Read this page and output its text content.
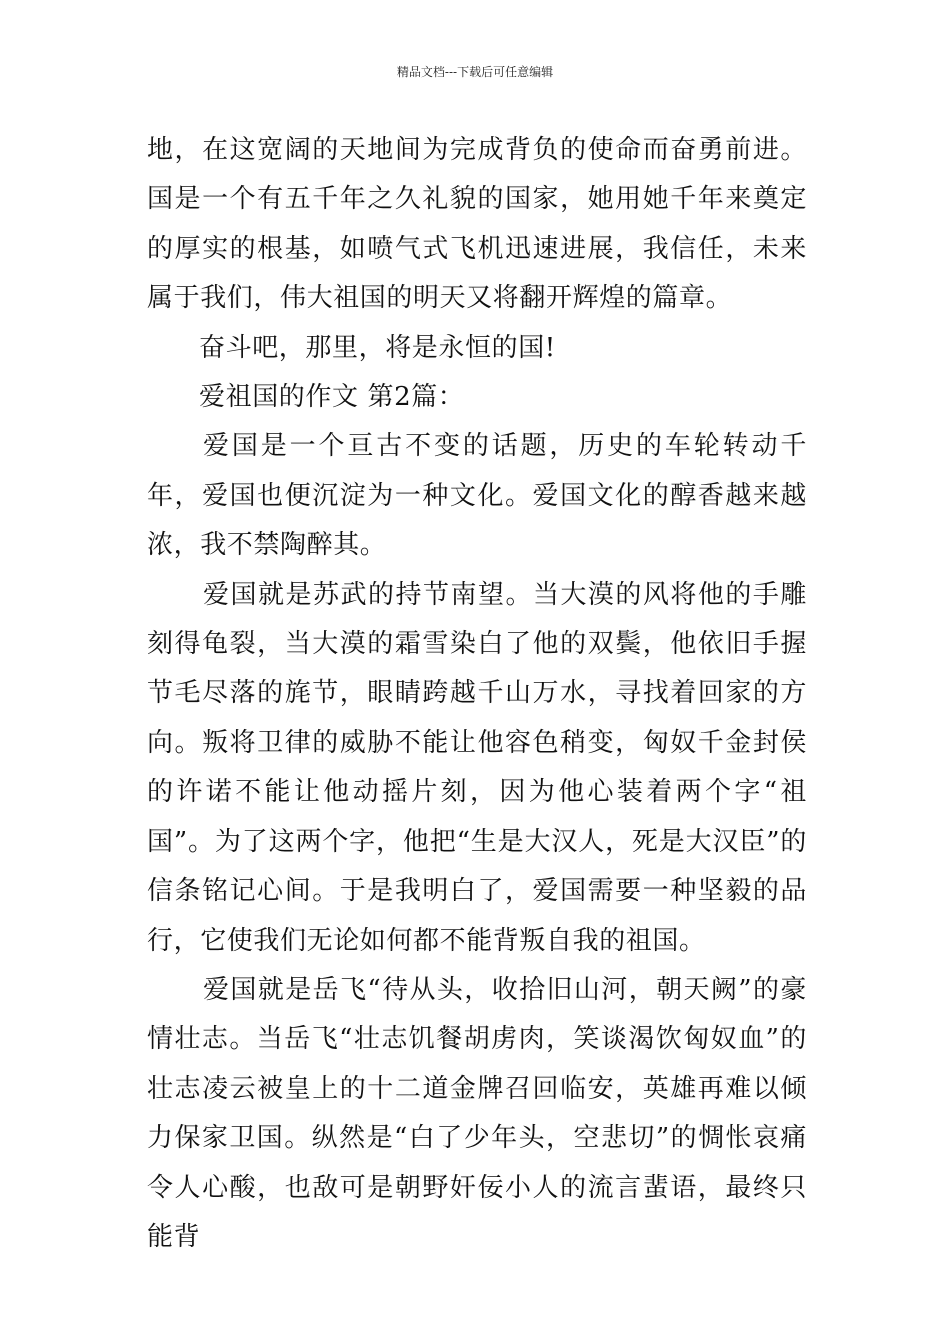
精品文档---下载后可任意编辑

地，在这宽阔的天地间为完成背负的使命而奋勇前进。国是一个有五千年之久礼貌的国家，她用她千年来奠定的厚实的根基，如喷气式飞机迅速进展，我信任，未来属于我们，伟大祖国的明天又将翻开辉煌的篇章。

奋斗吧，那里，将是永恒的国!

爱祖国的作文 第2篇：

爱国是一个亘古不变的话题，历史的车轮转动千年，爱国也便沉淀为一种文化。爱国文化的醇香越来越浓，我不禁陶醉其。

爱国就是苏武的持节南望。当大漠的风将他的手雕刻得龟裂，当大漠的霜雪染白了他的双鬓，他依旧手握节毛尽落的旄节，眼睛跨越千山万水，寻找着回家的方向。叛将卫律的威胁不能让他容色稍变，匈奴千金封侯的许诺不能让他动摇片刻，因为他心装着两个字“祖国”。为了这两个字，他把“生是大汉人，死是大汉臣”的信条铭记心间。于是我明白了，爱国需要一种坚毅的品行，它使我们无论如何都不能背叛自我的祖国。

爱国就是岳飞“待从头，收拾旧山河，朝天阙”的豪情壮志。当岳飞“壮志饥餐胡虏肉，笑谈渴饮匈奴血”的壮志凌云被皇上的十二道金牌召回临安，英雄再难以倾力保家卫国。纵然是“白了少年头，空悲切”的惆怅哀痛令人心酸，也敌可是朝野奸佞小人的流言蜚语，最终只能背
